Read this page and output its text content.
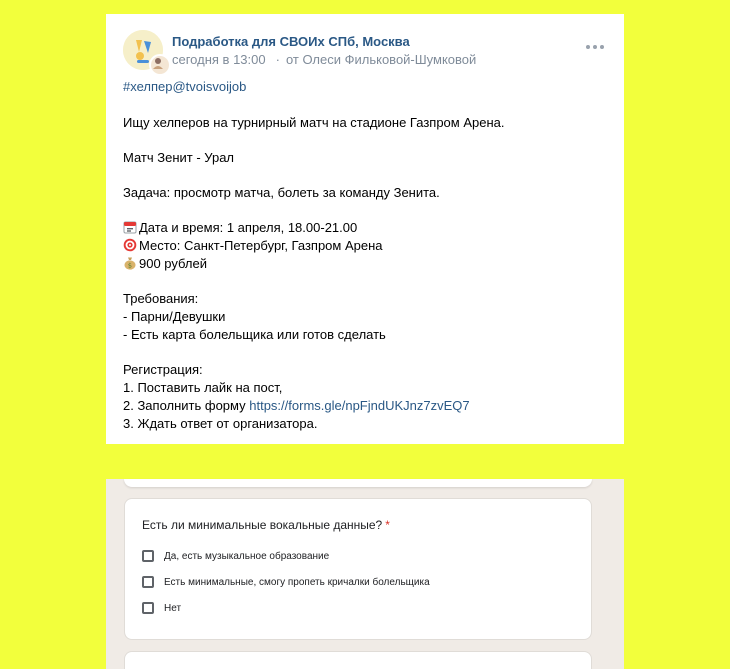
Подработка для СВОИх СПб, Москва
сегодня в 13:00 · от Олеси Фильковой-Шумковой
#хелпер@tvoisvoijob
Ищу хелперов на турнирный матч на стадионе Газпром Арена.
Матч Зенит - Урал
Задача: просмотр матча, болеть за команду Зенита.
Дата и время: 1 апреля, 18.00-21.00
Место: Санкт-Петербург, Газпром Арена
$ 900 рублей
Требования:
- Парни/Девушки
- Есть карта болельщика или готов сделать
Регистрация:
1. Поставить лайк на пост,
2. Заполнить форму https://forms.gle/npFjndUKJnz7zvEQ7
3. Ждать ответ от организатора.
Есть ли минимальные вокальные данные? *
Да, есть музыкальное образование
Есть минимальные, смогу пропеть кричалки болельщика
Нет
